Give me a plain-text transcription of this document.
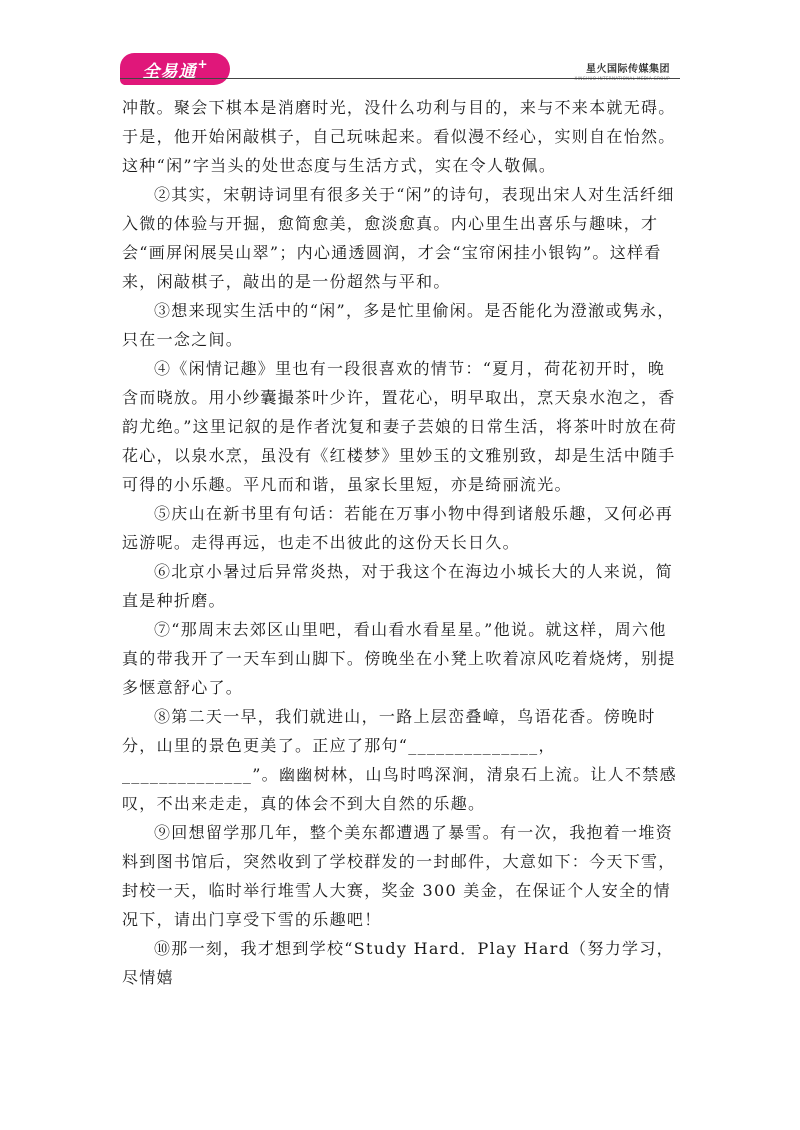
全易通 +	星火国际传媒集团
XINGHUO INTERNATIONAL MEDIA GROUP

冲散。聚会下棋本是消磨时光，没什么功利与目的，来与不来本就无碍。于是，他开始闲敲棋子，自己玩味起来。看似漫不经心，实则自在怡然。这种“闲”字当头的处世态度与生活方式，实在令人敬佩。

②其实，宋朝诗词里有很多关于“闲”的诗句，表现出宋人对生活纤细入微的体验与开掘，愈简愈美，愈淡愈真。内心里生出喜乐与趣味，才会“画屏闲展吴山翠”；内心通透圆润，才会“宝帘闲挂小银钩”。这样看来，闲敲棋子，敲出的是一份超然与平和。

③想来现实生活中的“闲”，多是忙里偷闲。是否能化为澄澈或隽永，只在一念之间。

④《闲情记趣》里也有一段很喜欢的情节：“夏月，荷花初开时，晚含而晓放。用小纱囊撮茶叶少许，置花心，明早取出，烹天泉水泡之，香韵尤绝。”这里记叙的是作者沈复和妻子芸娘的日常生活，将茶叶时放在荷花心，以泉水烹，虽没有《红楼梦》里妙玉的文雅别致，却是生活中随手可得的小乐趣。平凡而和谐，虽家长里短，亦是绮丽流光。

⑤庆山在新书里有句话：若能在万事小物中得到诸般乐趣，又何必再远游呢。走得再远，也走不出彼此的这份天长日久。

⑥北京小暑过后异常炎热，对于我这个在海边小城长大的人来说，简直是种折磨。

⑦“那周末去郊区山里吧，看山看水看星星。”他说。就这样，周六他真的带我开了一天车到山脚下。傍晚坐在小凳上吹着凉风吃着烧烤，别提多惬意舒心了。

⑧第二天一早，我们就进山，一路上层峦叠嶂，鸟语花香。傍晚时分，山里的景色更美了。正应了那句“______________，______________”。幽幽树林，山鸟时鸣深涧，清泉石上流。让人不禁感叹，不出来走走，真的体会不到大自然的乐趣。

⑨回想留学那几年，整个美东都遭遇了暴雪。有一次，我抱着一堆资料到图书馆后，突然收到了学校群发的一封邮件，大意如下：今天下雪，封校一天，临时举行堆雪人大赛，奖金 300 美金，在保证个人安全的情况下，请出门享受下雪的乐趣吧！

⑩那一刻，我才想到学校“Study Hard．Play Hard（努力学习，尽情嬉
